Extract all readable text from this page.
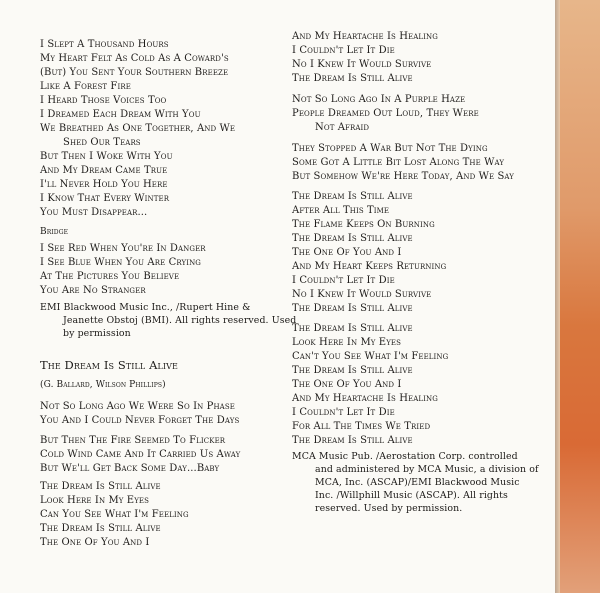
I Slept A Thousand Hours
My Heart Felt As Cold As A Coward's
(But) You Sent Your Southern Breeze
Like A Forest Fire
I Heard Those Voices Too
I Dreamed Each Dream With You
We Breathed As One Together, And We
Shed Our Tears
But Then I Woke With You
And My Dream Came True
I'll Never Hold You Here
I Know That Every Winter
You Must Disappear...
Bridge
I See Red When You're In Danger
I See Blue When You Are Crying
At The Pictures You Believe
You Are No Stranger
EMI Blackwood Music Inc., /Rupert Hine &
Jeanette Obstoj (BMI). All rights reserved. Used
by permission
The Dream Is Still Alive
(G. Ballard, Wilson Phillips)
Not So Long Ago We Were So In Phase
You And I Could Never Forget The Days
But Then The Fire Seemed To Flicker
Cold Wind Came And It Carried Us Away
But We'll Get Back Some Day...Baby
The Dream Is Still Alive
Look Here In My Eyes
Can You See What I'm Feeling
The Dream Is Still Alive
The One Of You And I
And My Heartache Is Healing
I Couldn't Let It Die
No I Knew It Would Survive
The Dream Is Still Alive
Not So Long Ago In A Purple Haze
People Dreamed Out Loud, They Were
Not Afraid
They Stopped A War But Not The Dying
Some Got A Little Bit Lost Along The Way
But Somehow We're Here Today, And We Say
The Dream Is Still Alive
After All This Time
The Flame Keeps On Burning
The Dream Is Still Alive
The One Of You And I
And My Heart Keeps Returning
I Couldn't Let It Die
No I Knew It Would Survive
The Dream Is Still Alive
The Dream Is Still Alive
Look Here In My Eyes
Can't You See What I'm Feeling
The Dream Is Still Alive
The One Of You And I
And My Heartache Is Healing
I Couldn't Let It Die
For All The Times We Tried
The Dream Is Still Alive
MCA Music Pub. /Aerostation Corp. controlled
and administered by MCA Music, a division of
MCA, Inc. (ASCAP)/EMI Blackwood Music
Inc. /Willphill Music (ASCAP). All rights
reserved. Used by permission.
